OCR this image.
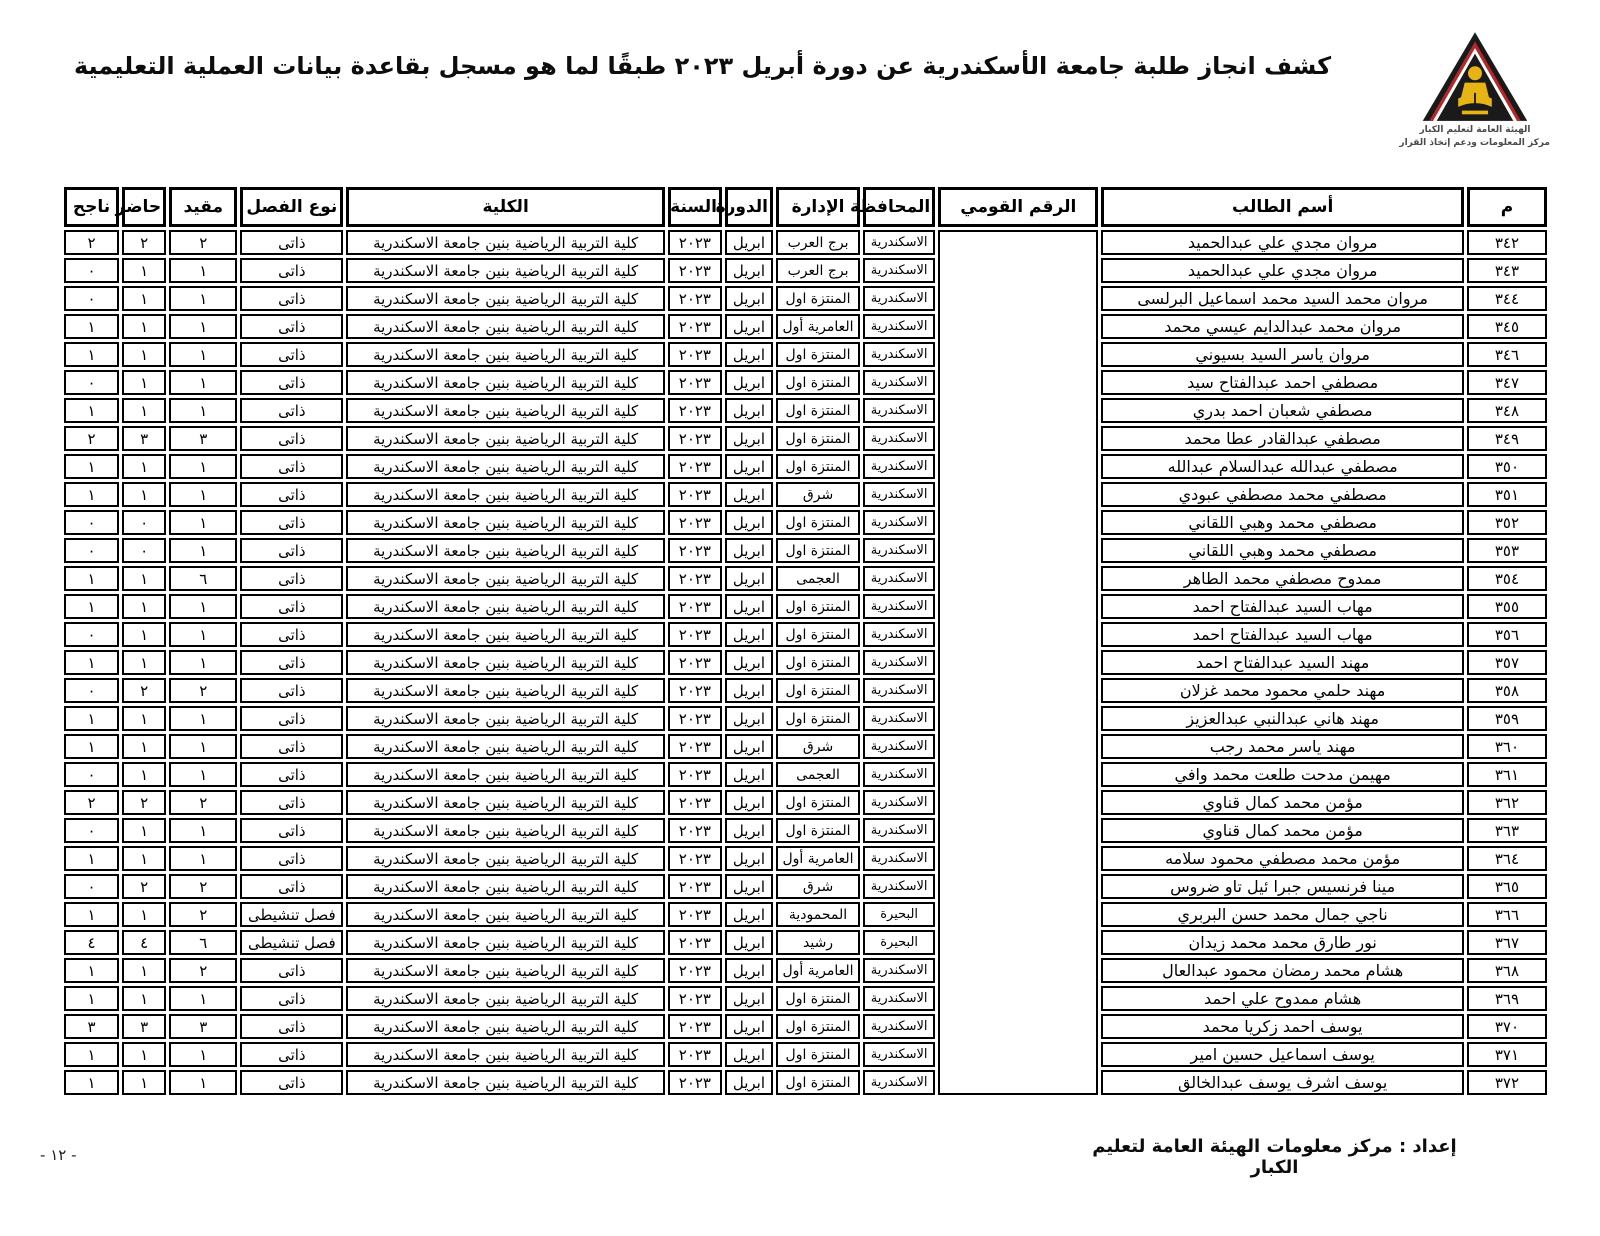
كشف انجاز طلبة جامعة الأسكندرية عن دورة أبريل ٢٠٢٣ طبقًا لما هو مسجل بقاعدة بيانات العملية التعليمية
الهيئة العامة لتعليم الكبار
مركز المعلومات ودعم إتخاذ القرار
م	أسم الطالب	الرقم القومي	المحافظة	الإدارة	الدورة	السنة	الكلية	نوع الفصل	مقيد	حاضر	ناجح
٣٤٢	مروان مجدي علي عبدالحميد		الاسكندرية	برج العرب	ابريل	٢٠٢٣	كلية التربية الرياضية بنين جامعة الاسكندرية	ذاتى	٢	٢	٢
٣٤٣	مروان مجدي علي عبدالحميد		الاسكندرية	برج العرب	ابريل	٢٠٢٣	كلية التربية الرياضية بنين جامعة الاسكندرية	ذاتى	١	١	٠
٣٤٤	مروان محمد السيد محمد اسماعيل البرلسى		الاسكندرية	المنتزة اول	ابريل	٢٠٢٣	كلية التربية الرياضية بنين جامعة الاسكندرية	ذاتى	١	١	٠
٣٤٥	مروان محمد عبدالدايم عيسي محمد		الاسكندرية	العامرية أول	ابريل	٢٠٢٣	كلية التربية الرياضية بنين جامعة الاسكندرية	ذاتى	١	١	١
٣٤٦	مروان ياسر السيد بسيوني		الاسكندرية	المنتزة اول	ابريل	٢٠٢٣	كلية التربية الرياضية بنين جامعة الاسكندرية	ذاتى	١	١	١
٣٤٧	مصطفي احمد عبدالفتاح سيد		الاسكندرية	المنتزة اول	ابريل	٢٠٢٣	كلية التربية الرياضية بنين جامعة الاسكندرية	ذاتى	١	١	٠
٣٤٨	مصطفي شعبان احمد بدري		الاسكندرية	المنتزة اول	ابريل	٢٠٢٣	كلية التربية الرياضية بنين جامعة الاسكندرية	ذاتى	١	١	١
٣٤٩	مصطفي عبدالقادر عطا محمد		الاسكندرية	المنتزة اول	ابريل	٢٠٢٣	كلية التربية الرياضية بنين جامعة الاسكندرية	ذاتى	٣	٣	٢
٣٥٠	مصطفي عبدالله عبدالسلام عبدالله		الاسكندرية	المنتزة اول	ابريل	٢٠٢٣	كلية التربية الرياضية بنين جامعة الاسكندرية	ذاتى	١	١	١
٣٥١	مصطفي محمد مصطفي عبودي		الاسكندرية	شرق	ابريل	٢٠٢٣	كلية التربية الرياضية بنين جامعة الاسكندرية	ذاتى	١	١	١
٣٥٢	مصطفي محمد وهبي اللقاني		الاسكندرية	المنتزة اول	ابريل	٢٠٢٣	كلية التربية الرياضية بنين جامعة الاسكندرية	ذاتى	١	٠	٠
٣٥٣	مصطفي محمد وهبي اللقاني		الاسكندرية	المنتزة اول	ابريل	٢٠٢٣	كلية التربية الرياضية بنين جامعة الاسكندرية	ذاتى	١	٠	٠
٣٥٤	ممدوح مصطفي محمد الطاهر		الاسكندرية	العجمى	ابريل	٢٠٢٣	كلية التربية الرياضية بنين جامعة الاسكندرية	ذاتى	٦	١	١
٣٥٥	مهاب السيد عبدالفتاح احمد		الاسكندرية	المنتزة اول	ابريل	٢٠٢٣	كلية التربية الرياضية بنين جامعة الاسكندرية	ذاتى	١	١	١
٣٥٦	مهاب السيد عبدالفتاح احمد		الاسكندرية	المنتزة اول	ابريل	٢٠٢٣	كلية التربية الرياضية بنين جامعة الاسكندرية	ذاتى	١	١	٠
٣٥٧	مهند السيد عبدالفتاح احمد		الاسكندرية	المنتزة اول	ابريل	٢٠٢٣	كلية التربية الرياضية بنين جامعة الاسكندرية	ذاتى	١	١	١
٣٥٨	مهند حلمي محمود محمد غزلان		الاسكندرية	المنتزة اول	ابريل	٢٠٢٣	كلية التربية الرياضية بنين جامعة الاسكندرية	ذاتى	٢	٢	٠
٣٥٩	مهند هاني عبدالنبي عبدالعزيز		الاسكندرية	المنتزة اول	ابريل	٢٠٢٣	كلية التربية الرياضية بنين جامعة الاسكندرية	ذاتى	١	١	١
٣٦٠	مهند ياسر محمد رجب		الاسكندرية	شرق	ابريل	٢٠٢٣	كلية التربية الرياضية بنين جامعة الاسكندرية	ذاتى	١	١	١
٣٦١	مهيمن مدحت طلعت محمد وافي		الاسكندرية	العجمى	ابريل	٢٠٢٣	كلية التربية الرياضية بنين جامعة الاسكندرية	ذاتى	١	١	٠
٣٦٢	مؤمن محمد كمال قناوي		الاسكندرية	المنتزة اول	ابريل	٢٠٢٣	كلية التربية الرياضية بنين جامعة الاسكندرية	ذاتى	٢	٢	٢
٣٦٣	مؤمن محمد كمال قناوي		الاسكندرية	المنتزة اول	ابريل	٢٠٢٣	كلية التربية الرياضية بنين جامعة الاسكندرية	ذاتى	١	١	٠
٣٦٤	مؤمن محمد مصطفي محمود سلامه		الاسكندرية	العامرية أول	ابريل	٢٠٢٣	كلية التربية الرياضية بنين جامعة الاسكندرية	ذاتى	١	١	١
٣٦٥	مينا فرنسيس جبرا ئيل تاو ضروس		الاسكندرية	شرق	ابريل	٢٠٢٣	كلية التربية الرياضية بنين جامعة الاسكندرية	ذاتى	٢	٢	٠
٣٦٦	ناجي جمال محمد حسن البربري		البحيرة	المحمودية	ابريل	٢٠٢٣	كلية التربية الرياضية بنين جامعة الاسكندرية	فصل تنشيطى	٢	١	١
٣٦٧	نور طارق محمد محمد زيدان		البحيرة	رشيد	ابريل	٢٠٢٣	كلية التربية الرياضية بنين جامعة الاسكندرية	فصل تنشيطى	٦	٤	٤
٣٦٨	هشام محمد رمضان محمود عبدالعال		الاسكندرية	العامرية أول	ابريل	٢٠٢٣	كلية التربية الرياضية بنين جامعة الاسكندرية	ذاتى	٢	١	١
٣٦٩	هشام ممدوح علي احمد		الاسكندرية	المنتزة اول	ابريل	٢٠٢٣	كلية التربية الرياضية بنين جامعة الاسكندرية	ذاتى	١	١	١
٣٧٠	يوسف احمد زكريا محمد		الاسكندرية	المنتزة اول	ابريل	٢٠٢٣	كلية التربية الرياضية بنين جامعة الاسكندرية	ذاتى	٣	٣	٣
٣٧١	يوسف اسماعيل حسين امير		الاسكندرية	المنتزة اول	ابريل	٢٠٢٣	كلية التربية الرياضية بنين جامعة الاسكندرية	ذاتى	١	١	١
٣٧٢	يوسف اشرف يوسف عبدالخالق		الاسكندرية	المنتزة اول	ابريل	٢٠٢٣	كلية التربية الرياضية بنين جامعة الاسكندرية	ذاتى	١	١	١
إعداد : مركز معلومات الهيئة العامة لتعليم الكبار
- ١٢ -
